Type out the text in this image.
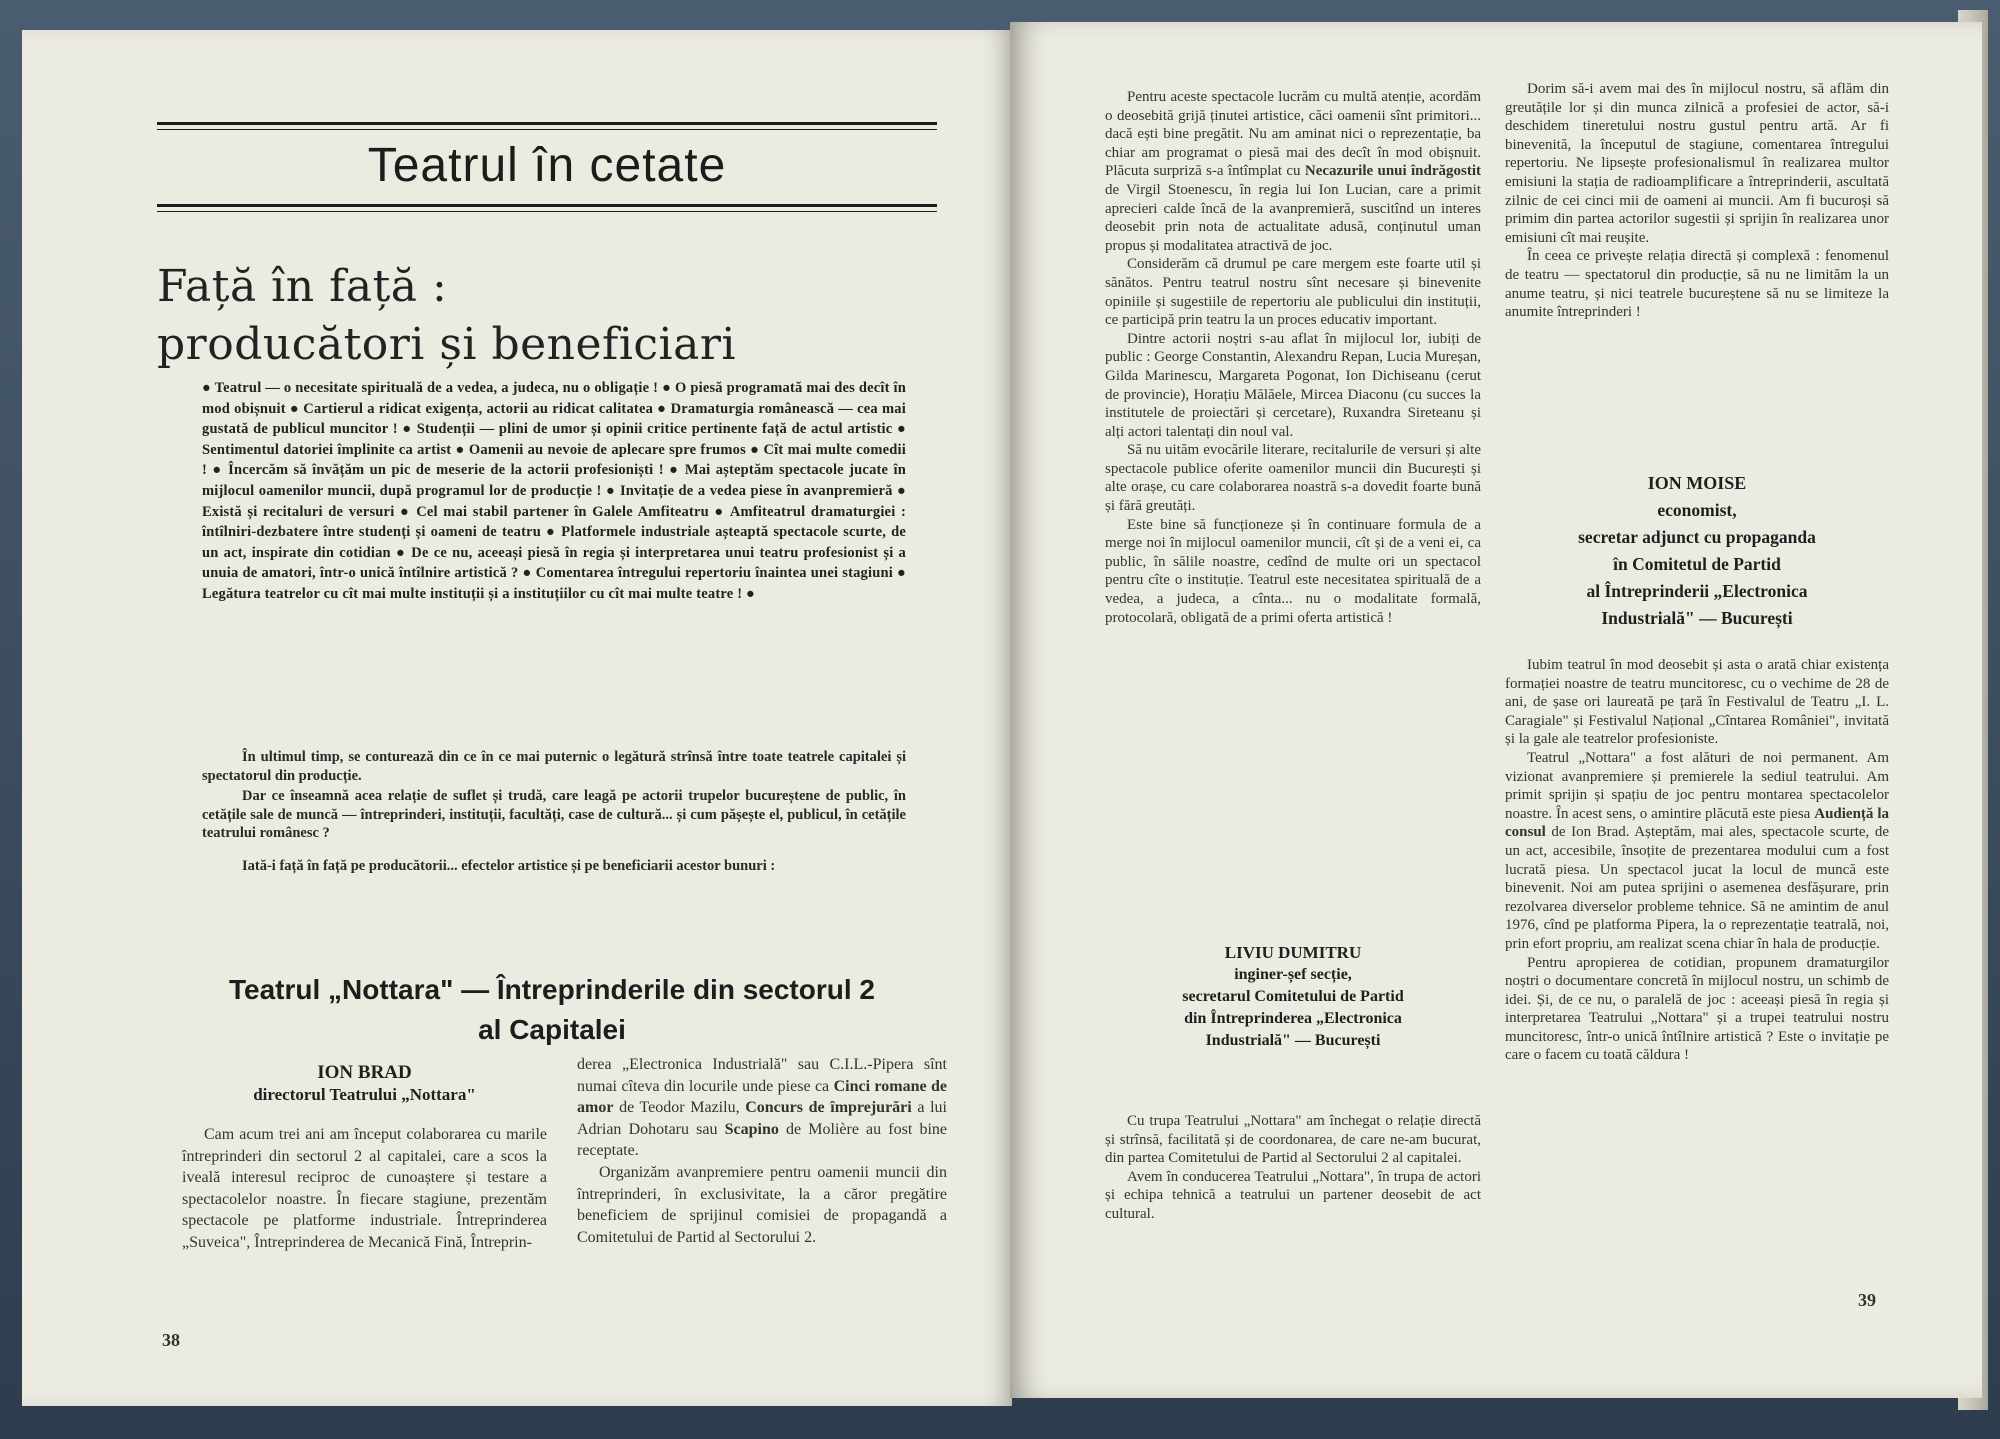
Teatrul în cetate
Față în față :
producători și beneficiari
● Teatrul — o necesitate spirituală de a vedea, a judeca, nu o obligație ! ● O piesă programată mai des decît în mod obișnuit ● Cartierul a ridicat exigența, actorii au ridicat calitatea ● Dramaturgia românească — cea mai gustată de publicul muncitor ! ● Studenții — plini de umor și opinii critice pertinente față de actul artistic ● Sentimentul datoriei împlinite ca artist ● Oamenii au nevoie de aplecare spre frumos ● Cît mai multe comedii ! ● Încercăm să învățăm un pic de meserie de la actorii profesioniști ! ● Mai așteptăm spectacole jucate în mijlocul oamenilor muncii, după programul lor de producție ! ● Invitație de a vedea piese în avanpremieră ● Există și recitaluri de versuri ● Cel mai stabil partener în Galele Amfiteatru ● Amfiteatrul dramaturgiei : întîlniri-dezbatere între studenți și oameni de teatru ● Platformele industriale așteaptă spectacole scurte, de un act, inspirate din cotidian ● De ce nu, aceeași piesă în regia și interpretarea unui teatru profesionist și a unuia de amatori, într-o unică întîlnire artistică ? ● Comentarea întregului repertoriu înaintea unei stagiuni ● Legătura teatrelor cu cît mai multe instituții și a instituțiilor cu cît mai multe teatre ! ●

În ultimul timp, se conturează din ce în ce mai puternic o legătură strînsă între toate teatrele capitalei și spectatorul din producție.

Dar ce înseamnă acea relație de suflet și trudă, care leagă pe actorii trupelor bucureștene de public, în cetățile sale de muncă — întreprinderi, instituții, facultăți, case de cultură... și cum pășește el, publicul, în cetățile teatrului românesc ?

Iată-i față în față pe producătorii... efectelor artistice și pe beneficiarii acestor bunuri :

Teatrul „Nottara" — Întreprinderile din sectorul 2
al Capitalei
ION BRAD
directorul Teatrului „Nottara"

Cam acum trei ani am început colaborarea cu marile întreprinderi din sectorul 2 al capitalei, care a scos la iveală interesul reciproc de cunoaștere și testare a spectacolelor noastre. În fiecare stagiune, prezentăm spectacole pe platforme industriale. Întreprinderea „Suveica", Întreprinderea de Mecanică Fină, Întreprin-

derea „Electronica Industrială" sau C.I.L.-Pipera sînt numai cîteva din locurile unde piese ca Cinci romane de amor de Teodor Mazilu, Concurs de împrejurări a lui Adrian Dohotaru sau Scapino de Molière au fost bine receptate.

Organizăm avanpremiere pentru oamenii muncii din întreprinderi, în exclusivitate, la a căror pregătire beneficiem de sprijinul comisiei de propagandă a Comitetului de Partid al Sectorului 2.

38

Pentru aceste spectacole lucrăm cu multă atenție, acordăm o deosebită grijă ținutei artistice, căci oamenii sînt primitori... dacă ești bine pregătit. Nu am aminat nici o reprezentație, ba chiar am programat o piesă mai des decît în mod obișnuit. Plăcuta surpriză s-a întîmplat cu Necazurile unui îndrăgostit de Virgil Stoenescu, în regia lui Ion Lucian, care a primit aprecieri calde încă de la avanpremieră, suscitînd un interes deosebit prin nota de actualitate adusă, conținutul uman propus și modalitatea atractivă de joc.

Considerăm că drumul pe care mergem este foarte util și sănătos. Pentru teatrul nostru sînt necesare și binevenite opiniile și sugestiile de repertoriu ale publicului din instituții, ce participă prin teatru la un proces educativ important.

Dintre actorii noștri s-au aflat în mijlocul lor, iubiți de public : George Constantin, Alexandru Repan, Lucia Mureșan, Gilda Marinescu, Margareta Pogonat, Ion Dichiseanu (cerut de provincie), Horațiu Mălăele, Mircea Diaconu (cu succes la institutele de proiectări și cercetare), Ruxandra Sireteanu și alți actori talentați din noul val.

Să nu uităm evocările literare, recitalurile de versuri și alte spectacole publice oferite oamenilor muncii din București și alte orașe, cu care colaborarea noastră s-a dovedit foarte bună și fără greutăți.

Este bine să funcționeze și în continuare formula de a merge noi în mijlocul oamenilor muncii, cît și de a veni ei, ca public, în sălile noastre, cedînd de multe ori un spectacol pentru cîte o instituție. Teatrul este necesitatea spirituală de a vedea, a judeca, a cînta... nu o modalitate formală, protocolară, obligată de a primi oferta artistică !

LIVIU DUMITRU
inginer-șef secție,
secretarul Comitetului de Partid
din Întreprinderea „Electronica
Industrială" — București

Cu trupa Teatrului „Nottara" am închegat o relație directă și strînsă, facilitată și de coordonarea, de care ne-am bucurat, din partea Comitetului de Partid al Sectorului 2 al capitalei.

Avem în conducerea Teatrului „Nottara", în trupa de actori și echipa tehnică a teatrului un partener deosebit de act cultural.

Dorim să-i avem mai des în mijlocul nostru, să aflăm din greutățile lor și din munca zilnică a profesiei de actor, să-i deschidem tineretului nostru gustul pentru artă. Ar fi binevenită, la începutul de stagiune, comentarea întregului repertoriu. Ne lipsește profesionalismul în realizarea multor emisiuni la stația de radioamplificare a întreprinderii, ascultată zilnic de cei cinci mii de oameni ai muncii. Am fi bucuroși să primim din partea actorilor sugestii și sprijin în realizarea unor emisiuni cît mai reușite.

În ceea ce privește relația directă și complexă : fenomenul de teatru — spectatorul din producție, să nu ne limităm la un anume teatru, și nici teatrele bucureștene să nu se limiteze la anumite întreprinderi !

ION MOISE
economist,
secretar adjunct cu propaganda
în Comitetul de Partid
al Întreprinderii „Electronica
Industrială" — București

Iubim teatrul în mod deosebit și asta o arată chiar existența formației noastre de teatru muncitoresc, cu o vechime de 28 de ani, de șase ori laureată pe țară în Festivalul de Teatru „I. L. Caragiale" și Festivalul Național „Cîntarea României", invitată și la gale ale teatrelor profesioniste.

Teatrul „Nottara" a fost alături de noi permanent. Am vizionat avanpremiere și premierele la sediul teatrului. Am primit sprijin și spațiu de joc pentru montarea spectacolelor noastre. În acest sens, o amintire plăcută este piesa Audiență la consul de Ion Brad. Așteptăm, mai ales, spectacole scurte, de un act, accesibile, însoțite de prezentarea modului cum a fost lucrată piesa. Un spectacol jucat la locul de muncă este binevenit. Noi am putea sprijini o asemenea desfășurare, prin rezolvarea diverselor probleme tehnice. Să ne amintim de anul 1976, cînd pe platforma Pipera, la o reprezentație teatrală, noi, prin efort propriu, am realizat scena chiar în hala de producție.

Pentru apropierea de cotidian, propunem dramaturgilor noștri o documentare concretă în mijlocul nostru, un schimb de idei. Și, de ce nu, o paralelă de joc : aceeași piesă în regia și interpretarea Teatrului „Nottara" și a trupei teatrului nostru muncitoresc, într-o unică întîlnire artistică ? Este o invitație pe care o facem cu toată căldura !

39
